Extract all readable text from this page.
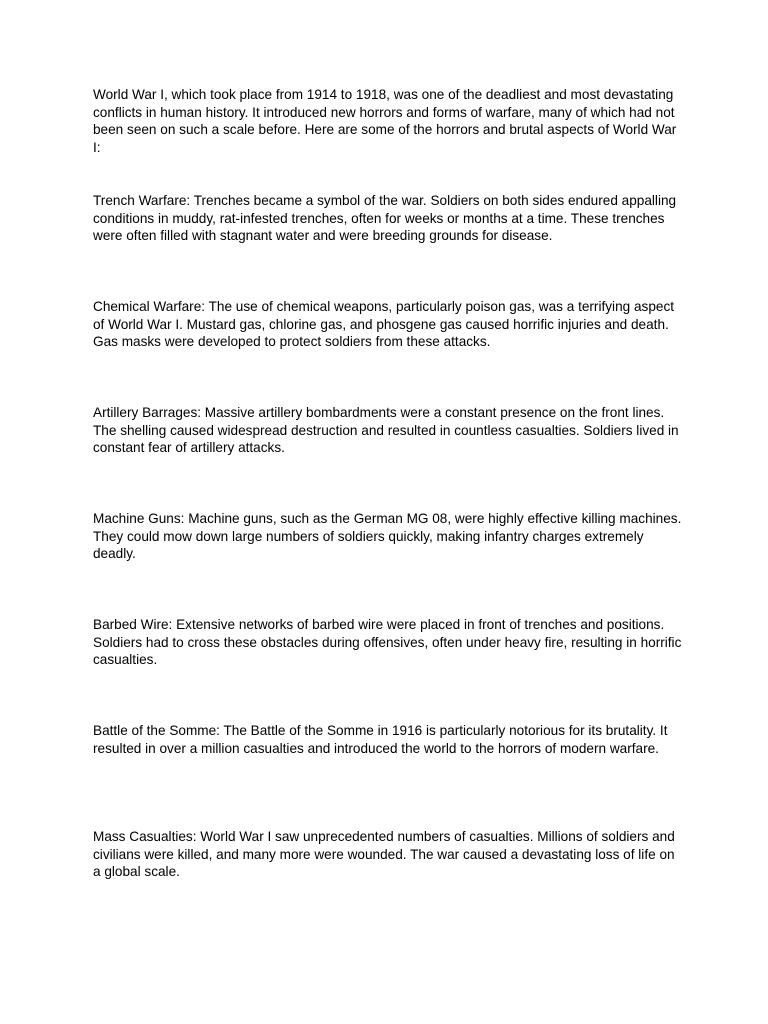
World War I, which took place from 1914 to 1918, was one of the deadliest and most devastating conflicts in human history. It introduced new horrors and forms of warfare, many of which had not been seen on such a scale before. Here are some of the horrors and brutal aspects of World War I:

Trench Warfare: Trenches became a symbol of the war. Soldiers on both sides endured appalling conditions in muddy, rat-infested trenches, often for weeks or months at a time. These trenches were often filled with stagnant water and were breeding grounds for disease.

Chemical Warfare: The use of chemical weapons, particularly poison gas, was a terrifying aspect of World War I. Mustard gas, chlorine gas, and phosgene gas caused horrific injuries and death. Gas masks were developed to protect soldiers from these attacks.

Artillery Barrages: Massive artillery bombardments were a constant presence on the front lines. The shelling caused widespread destruction and resulted in countless casualties. Soldiers lived in constant fear of artillery attacks.

Machine Guns: Machine guns, such as the German MG 08, were highly effective killing machines. They could mow down large numbers of soldiers quickly, making infantry charges extremely deadly.

Barbed Wire: Extensive networks of barbed wire were placed in front of trenches and positions. Soldiers had to cross these obstacles during offensives, often under heavy fire, resulting in horrific casualties.

Battle of the Somme: The Battle of the Somme in 1916 is particularly notorious for its brutality. It resulted in over a million casualties and introduced the world to the horrors of modern warfare.

Mass Casualties: World War I saw unprecedented numbers of casualties. Millions of soldiers and civilians were killed, and many more were wounded. The war caused a devastating loss of life on a global scale.
